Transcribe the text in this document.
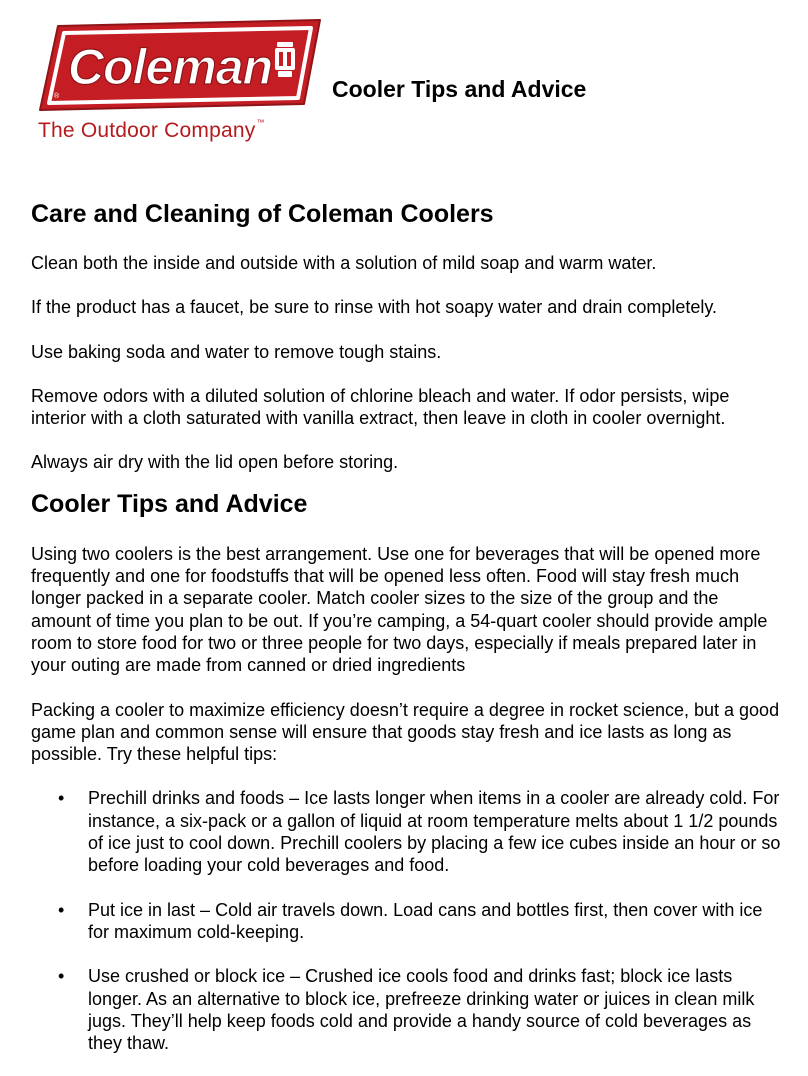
Coleman
®
The Outdoor Company™
Cooler Tips and Advice
Care and Cleaning of Coleman Coolers

Clean both the inside and outside with a solution of mild soap and warm water.

If the product has a faucet, be sure to rinse with hot soapy water and drain completely.

Use baking soda and water to remove tough stains.

Remove odors with a diluted solution of chlorine bleach and water. If odor persists, wipe interior with a cloth saturated with vanilla extract, then leave in cloth in cooler overnight.

Always air dry with the lid open before storing.

Cooler Tips and Advice

Using two coolers is the best arrangement. Use one for beverages that will be opened more frequently and one for foodstuffs that will be opened less often. Food will stay fresh much longer packed in a separate cooler. Match cooler sizes to the size of the group and the amount of time you plan to be out. If you’re camping, a 54-quart cooler should provide ample room to store food for two or three people for two days, especially if meals prepared later in your outing are made from canned or dried ingredients

Packing a cooler to maximize efficiency doesn’t require a degree in rocket science, but a good game plan and common sense will ensure that goods stay fresh and ice lasts as long as possible. Try these helpful tips:

• Prechill drinks and foods – Ice lasts longer when items in a cooler are already cold. For instance, a six-pack or a gallon of liquid at room temperature melts about 1 1/2 pounds of ice just to cool down. Prechill coolers by placing a few ice cubes inside an hour or so before loading your cold beverages and food.
• Put ice in last – Cold air travels down. Load cans and bottles first, then cover with ice for maximum cold-keeping.
• Use crushed or block ice – Crushed ice cools food and drinks fast; block ice lasts longer. As an alternative to block ice, prefreeze drinking water or juices in clean milk jugs. They’ll help keep foods cold and provide a handy source of cold beverages as they thaw.
